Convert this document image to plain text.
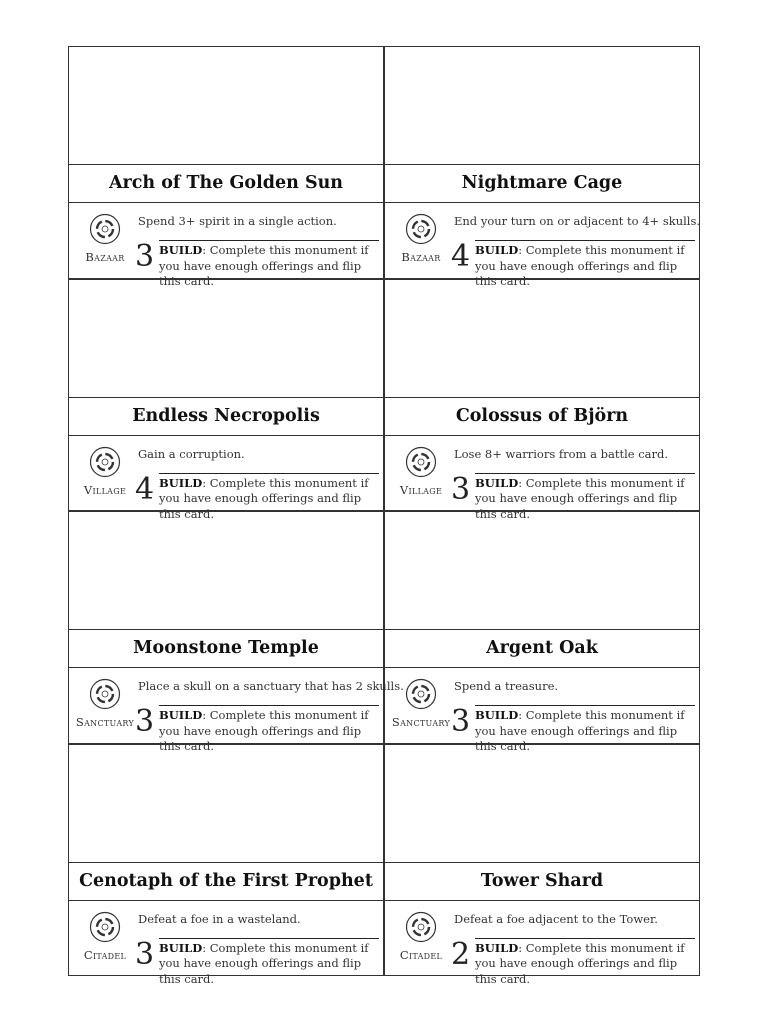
Arch of The Golden Sun
Bazaar
Spend 3+ spirit in a single action.
3 BUILD: Complete this monument if you have enough offerings and flip this card.
Nightmare Cage
Bazaar
End your turn on or adjacent to 4+ skulls.
4 BUILD: Complete this monument if you have enough offerings and flip this card.
Endless Necropolis
Village
Gain a corruption.
4 BUILD: Complete this monument if you have enough offerings and flip this card.
Colossus of Björn
Village
Lose 8+ warriors from a battle card.
3 BUILD: Complete this monument if you have enough offerings and flip this card.
Moonstone Temple
Sanctuary
Place a skull on a sanctuary that has 2 skulls.
3 BUILD: Complete this monument if you have enough offerings and flip this card.
Argent Oak
Sanctuary
Spend a treasure.
3 BUILD: Complete this monument if you have enough offerings and flip this card.
Cenotaph of the First Prophet
Citadel
Defeat a foe in a wasteland.
3 BUILD: Complete this monument if you have enough offerings and flip this card.
Tower Shard
Citadel
Defeat a foe adjacent to the Tower.
2 BUILD: Complete this monument if you have enough offerings and flip this card.
